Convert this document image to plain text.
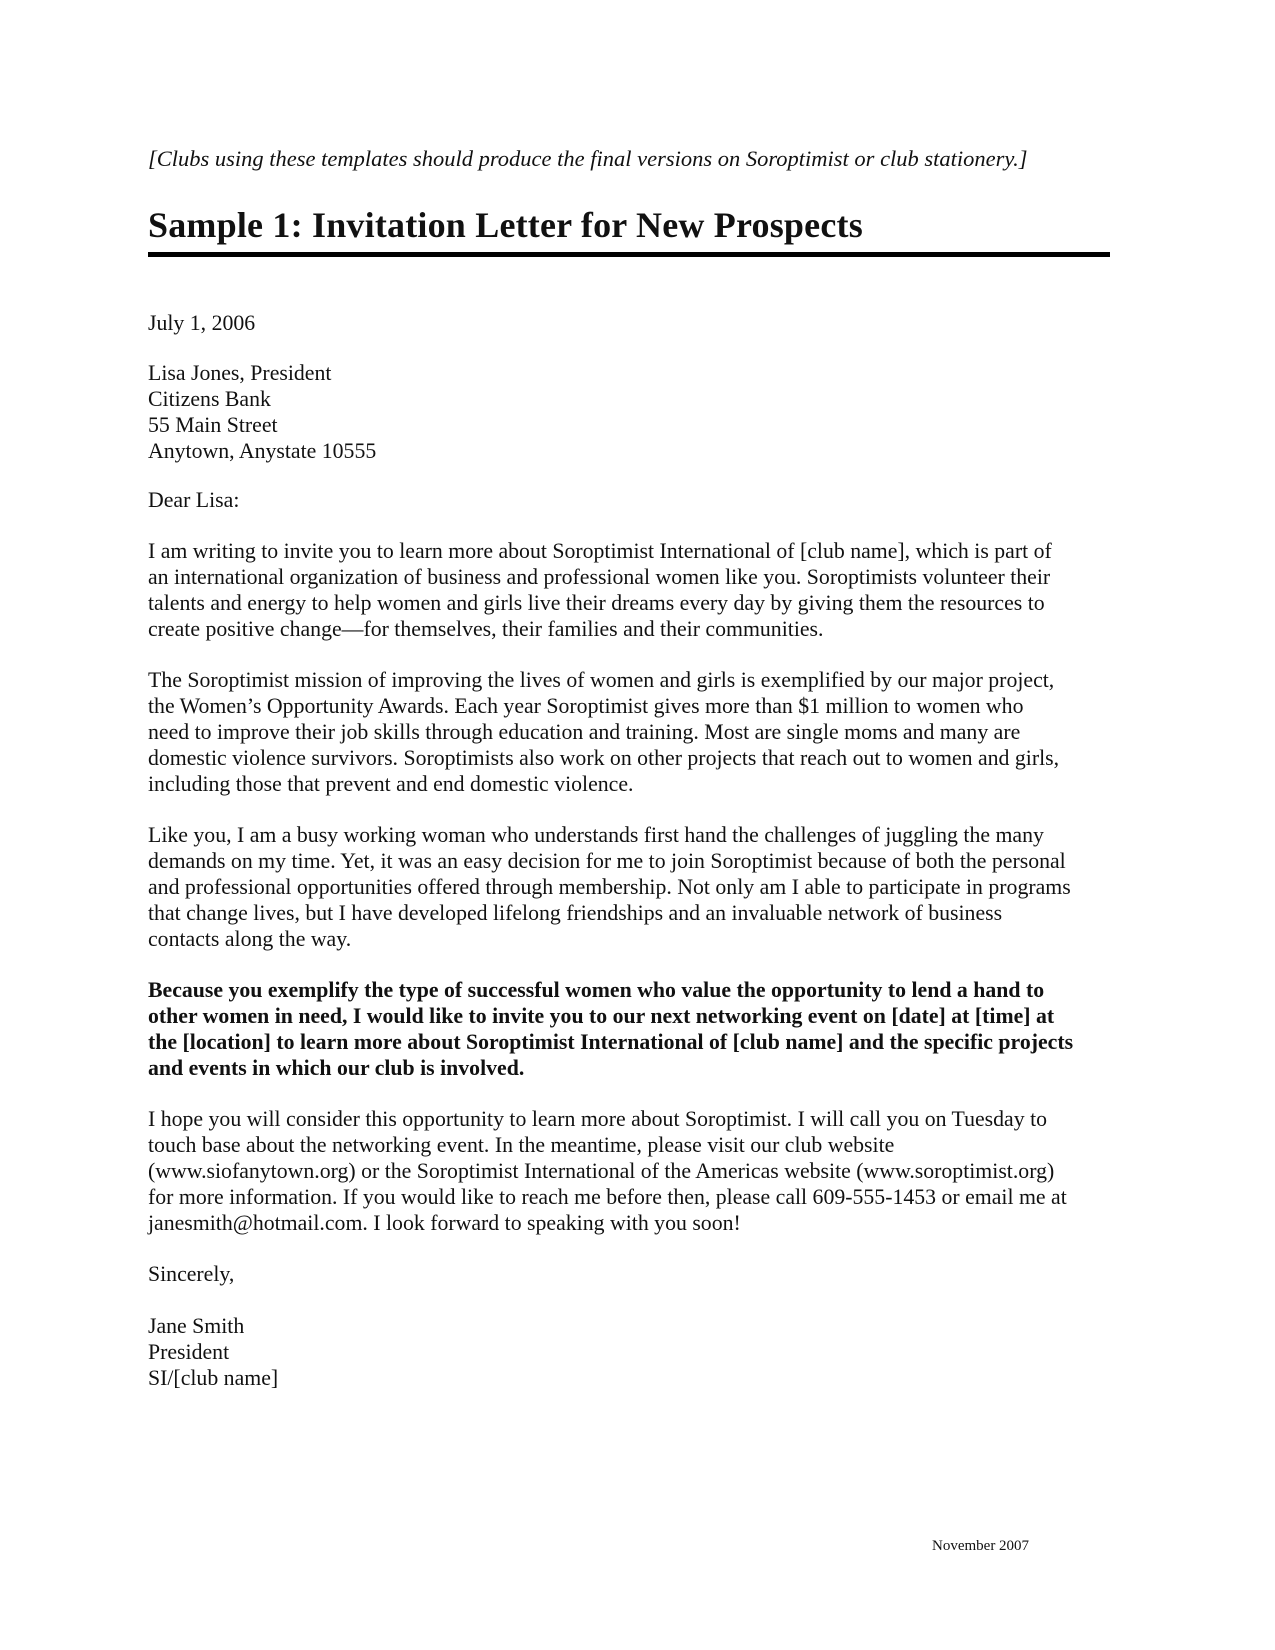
[Clubs using these templates should produce the final versions on Soroptimist or club stationery.]
Sample 1: Invitation Letter for New Prospects
July 1, 2006
Lisa Jones, President
Citizens Bank
55 Main Street
Anytown, Anystate 10555
Dear Lisa:
I am writing to invite you to learn more about Soroptimist International of [club name], which is part of
an international organization of business and professional women like you. Soroptimists volunteer their
talents and energy to help women and girls live their dreams every day by giving them the resources to
create positive change—for themselves, their families and their communities.
The Soroptimist mission of improving the lives of women and girls is exemplified by our major project,
the Women’s Opportunity Awards. Each year Soroptimist gives more than $1 million to women who
need to improve their job skills through education and training. Most are single moms and many are
domestic violence survivors. Soroptimists also work on other projects that reach out to women and girls,
including those that prevent and end domestic violence.
Like you, I am a busy working woman who understands first hand the challenges of juggling the many
demands on my time. Yet, it was an easy decision for me to join Soroptimist because of both the personal
and professional opportunities offered through membership. Not only am I able to participate in programs
that change lives, but I have developed lifelong friendships and an invaluable network of business
contacts along the way.
Because you exemplify the type of successful women who value the opportunity to lend a hand to
other women in need, I would like to invite you to our next networking event on [date] at [time] at
the [location] to learn more about Soroptimist International of [club name] and the specific projects
and events in which our club is involved.
I hope you will consider this opportunity to learn more about Soroptimist. I will call you on Tuesday to
touch base about the networking event. In the meantime, please visit our club website
(www.siofanytown.org) or the Soroptimist International of the Americas website (www.soroptimist.org)
for more information. If you would like to reach me before then, please call 609-555-1453 or email me at
janesmith@hotmail.com. I look forward to speaking with you soon!
Sincerely,
Jane Smith
President
SI/[club name]
November 2007
